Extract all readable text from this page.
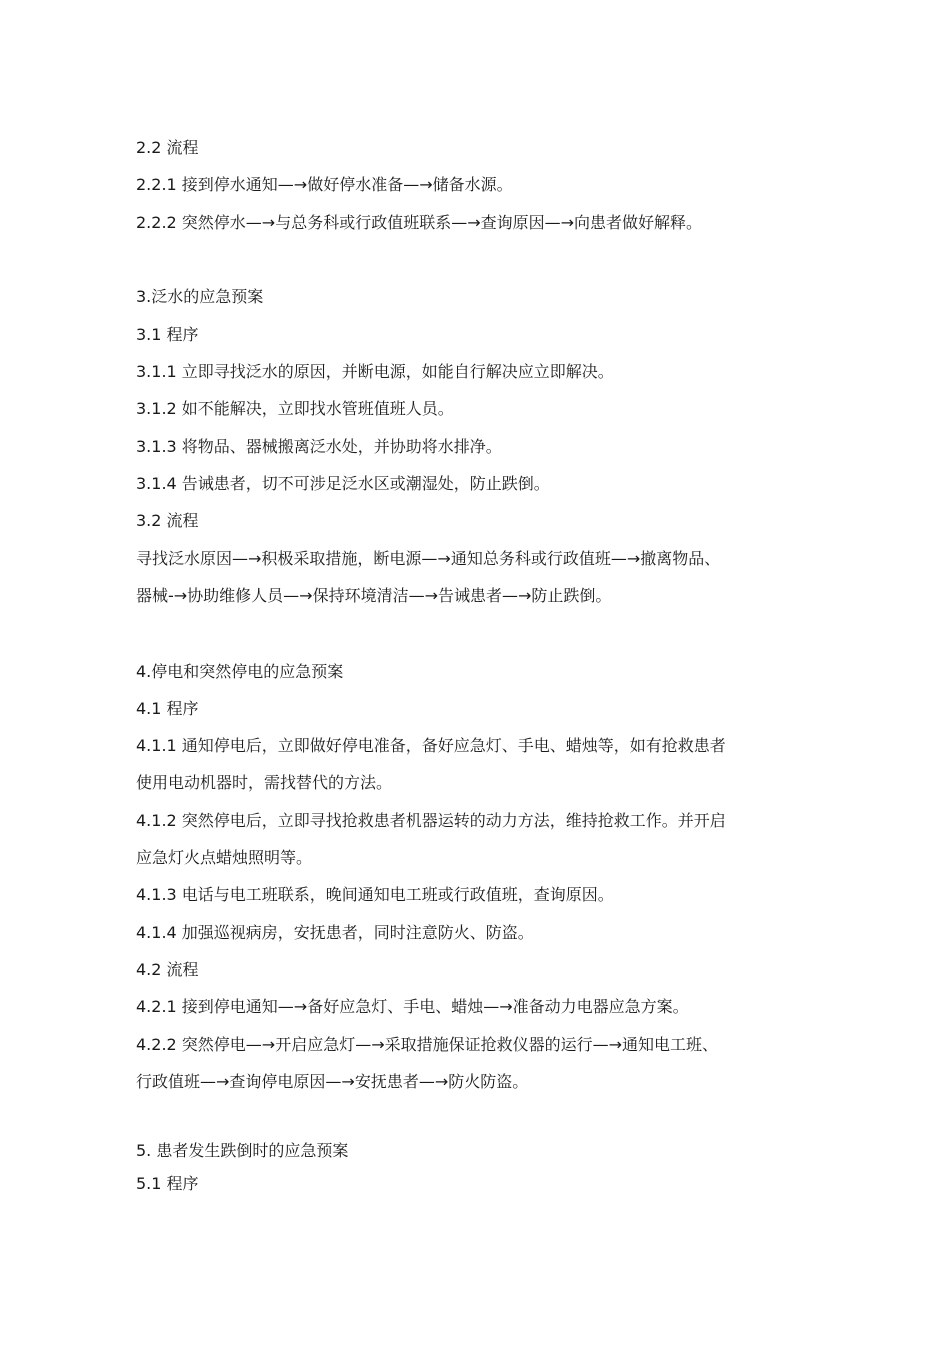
2.2 流程

2.2.1 接到停水通知—→做好停水准备—→储备水源。

2.2.2 突然停水—→与总务科或行政值班联系—→查询原因—→向患者做好解释。

3.泛水的应急预案

3.1 程序

3.1.1 立即寻找泛水的原因，并断电源，如能自行解决应立即解决。

3.1.2 如不能解决，立即找水管班值班人员。

3.1.3 将物品、器械搬离泛水处，并协助将水排净。

3.1.4 告诫患者，切不可涉足泛水区或潮湿处，防止跌倒。

3.2 流程

寻找泛水原因—→积极采取措施，断电源—→通知总务科或行政值班—→撤离物品、

器械-→协助维修人员—→保持环境清洁—→告诫患者—→防止跌倒。

4.停电和突然停电的应急预案

4.1 程序

4.1.1 通知停电后，立即做好停电准备，备好应急灯、手电、蜡烛等，如有抢救患者

使用电动机器时，需找替代的方法。

4.1.2 突然停电后，立即寻找抢救患者机器运转的动力方法，维持抢救工作。并开启

应急灯火点蜡烛照明等。

4.1.3 电话与电工班联系，晚间通知电工班或行政值班，查询原因。

4.1.4 加强巡视病房，安抚患者，同时注意防火、防盗。

4.2 流程

4.2.1 接到停电通知—→备好应急灯、手电、蜡烛—→准备动力电器应急方案。

4.2.2 突然停电—→开启应急灯—→采取措施保证抢救仪器的运行—→通知电工班、

行政值班—→查询停电原因—→安抚患者—→防火防盗。

5. 患者发生跌倒时的应急预案

5.1 程序
